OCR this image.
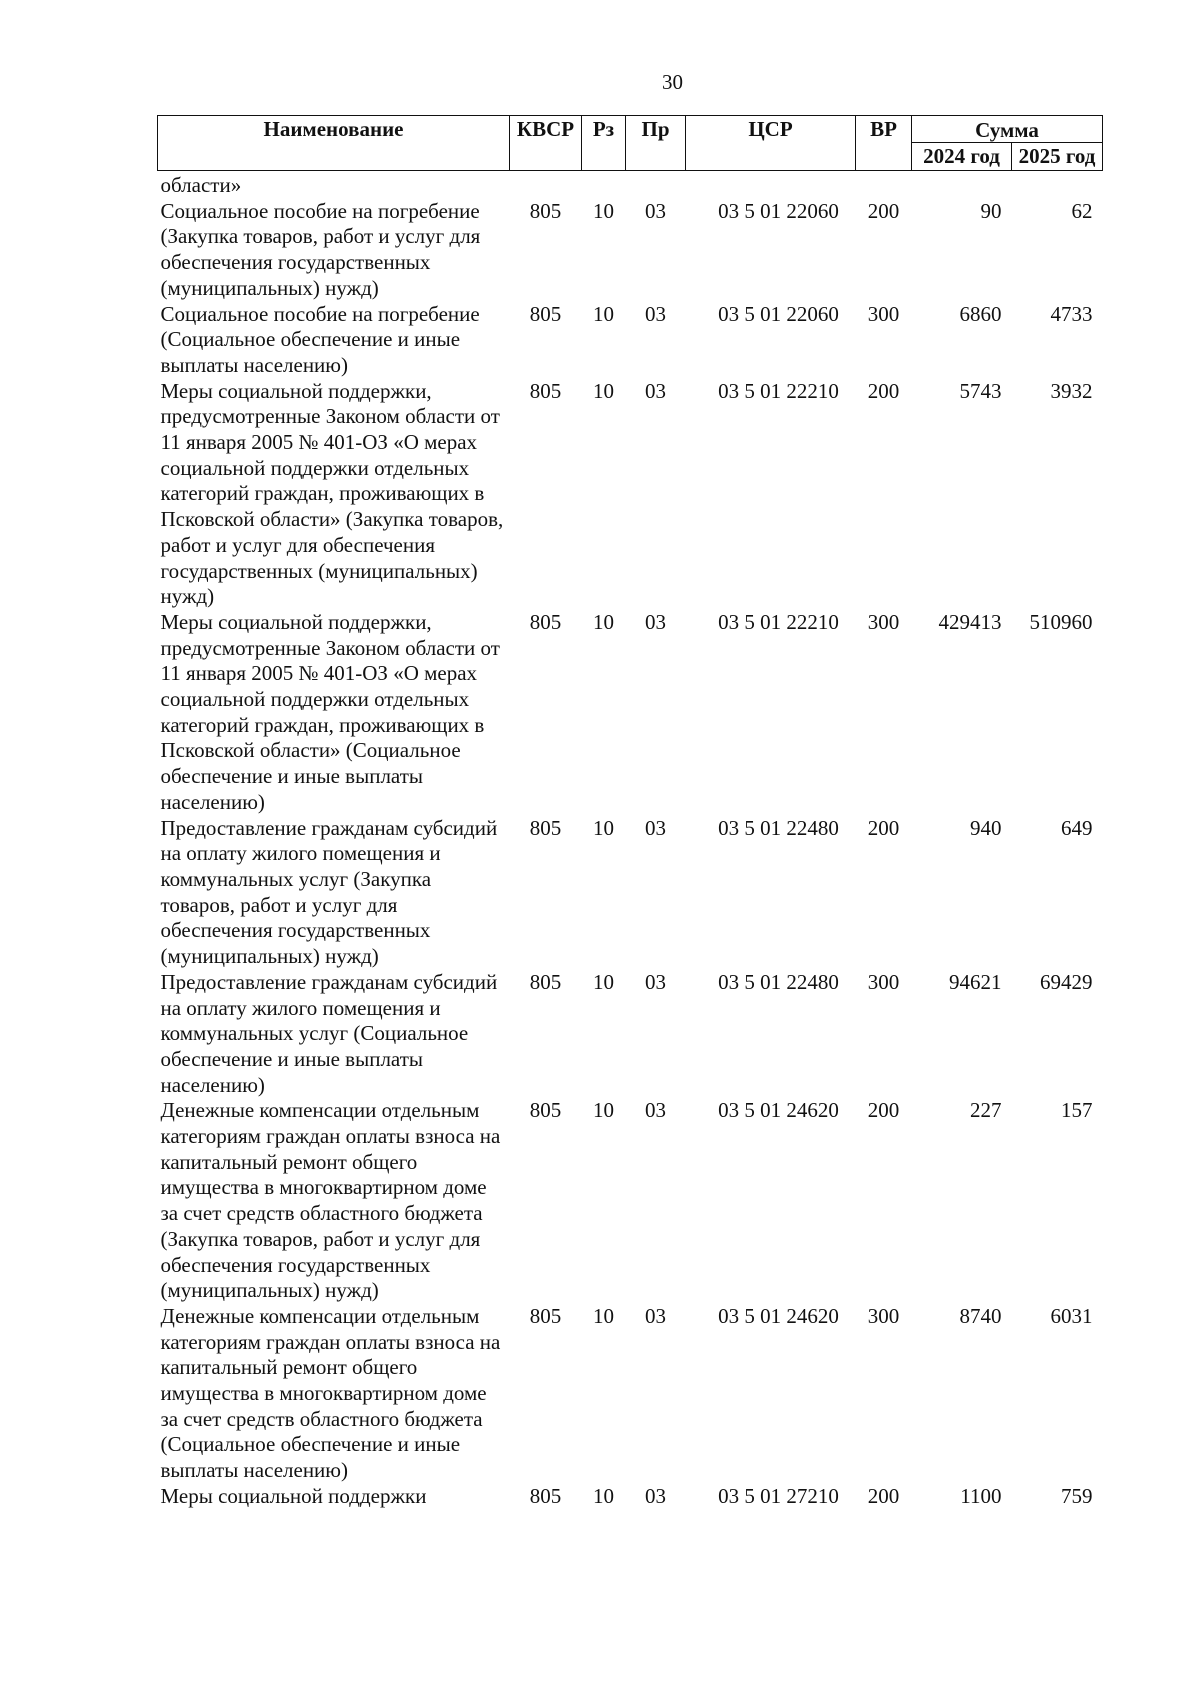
30
Наименование	КВСР	Рз	Пр	ЦСР	ВР	Сумма	
						2024 год	2025 год
области»							
Социальное пособие на погребение (Закупка товаров, работ и услуг для обеспечения государственных (муниципальных) нужд)	805	10	03	03 5 01 22060	200	90	62
Социальное пособие на погребение (Социальное обеспечение и иные выплаты населению)	805	10	03	03 5 01 22060	300	6860	4733
Меры социальной поддержки, предусмотренные Законом области от 11 января 2005 № 401-ОЗ «О мерах социальной поддержки отдельных категорий граждан, проживающих в Псковской области» (Закупка товаров, работ и услуг для обеспечения государственных (муниципальных) нужд)	805	10	03	03 5 01 22210	200	5743	3932
Меры социальной поддержки, предусмотренные Законом области от 11 января 2005 № 401-ОЗ «О мерах социальной поддержки отдельных категорий граждан, проживающих в Псковской области» (Социальное обеспечение и иные выплаты населению)	805	10	03	03 5 01 22210	300	429413	510960
Предоставление гражданам субсидий на оплату жилого помещения и коммунальных услуг (Закупка товаров, работ и услуг для обеспечения государственных (муниципальных) нужд)	805	10	03	03 5 01 22480	200	940	649
Предоставление гражданам субсидий на оплату жилого помещения и коммунальных услуг (Социальное обеспечение и иные выплаты населению)	805	10	03	03 5 01 22480	300	94621	69429
Денежные компенсации отдельным категориям граждан оплаты взноса на капитальный ремонт общего имущества в многоквартирном доме за счет средств областного бюджета (Закупка товаров, работ и услуг для обеспечения государственных (муниципальных) нужд)	805	10	03	03 5 01 24620	200	227	157
Денежные компенсации отдельным категориям граждан оплаты взноса на капитальный ремонт общего имущества в многоквартирном доме за счет средств областного бюджета (Социальное обеспечение и иные выплаты населению)	805	10	03	03 5 01 24620	300	8740	6031
Меры социальной поддержки	805	10	03	03 5 01 27210	200	1100	759
